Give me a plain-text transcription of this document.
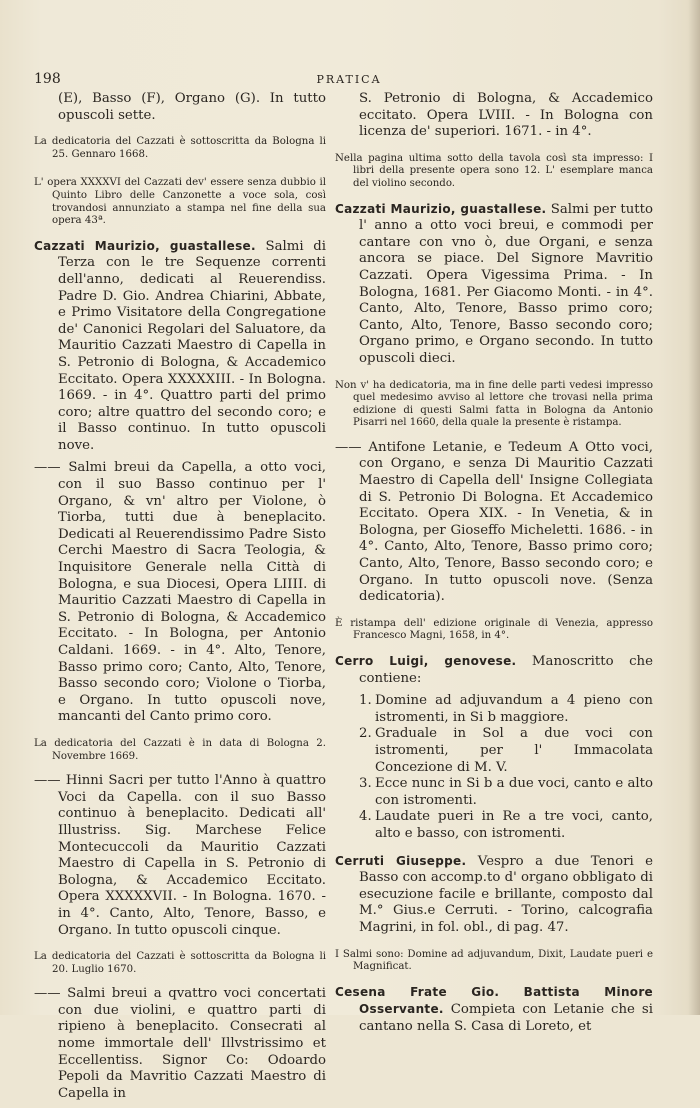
198	PRATICA

(E), Basso (F), Organo (G). In tutto opuscoli sette.

La dedicatoria del Cazzati è sottoscritta da Bologna li 25. Gennaro 1668.

L' opera XXXXVI del Cazzati dev' essere senza dubbio il Quinto Libro delle Canzonette a voce sola, così trovandosi annunziato a stampa nel fine della sua opera 43ª.

Cazzati Maurizio, guastallese. Salmi di Terza con le tre Sequenze correnti dell'anno, dedicati al Reuerendiss. Padre D. Gio. Andrea Chiarini, Abbate, e Primo Visitatore della Congregatione de' Canonici Regolari del Saluatore, da Mauritio Cazzati Maestro di Capella in S. Petronio di Bologna, & Accademico Eccitato. Opera XXXXXIII. - In Bologna. 1669. - in 4°. Quattro parti del primo coro; altre quattro del secondo coro; e il Basso continuo. In tutto opuscoli nove.

—— Salmi breui da Capella, a otto voci, con il suo Basso continuo per l' Organo, & vn' altro per Violone, ò Tiorba, tutti due à beneplacito. Dedicati al Reuerendissimo Padre Sisto Cerchi Maestro di Sacra Teologia, & Inquisitore Generale nella Città di Bologna, e sua Diocesi, Opera LIIII. di Mauritio Cazzati Maestro di Capella in S. Petronio di Bologna, & Accademico Eccitato. - In Bologna, per Antonio Caldani. 1669. - in 4°. Alto, Tenore, Basso primo coro; Canto, Alto, Tenore, Basso secondo coro; Violone o Tiorba, e Organo. In tutto opuscoli nove, mancanti del Canto primo coro.

La dedicatoria del Cazzati è in data di Bologna 2. Novembre 1669.

—— Hinni Sacri per tutto l'Anno à quattro Voci da Capella. con il suo Basso continuo à beneplacito. Dedicati all' Illustriss. Sig. Marchese Felice Montecuccoli da Mauritio Cazzati Maestro di Capella in S. Petronio di Bologna, & Accademico Eccitato. Opera XXXXXVII. - In Bologna. 1670. - in 4°. Canto, Alto, Tenore, Basso, e Organo. In tutto opuscoli cinque.

La dedicatoria del Cazzati è sottoscritta da Bologna li 20. Luglio 1670.

—— Salmi breui a qvattro voci concertati con due violini, e quattro parti di ripieno à beneplacito. Consecrati al nome immortale dell' Illvstrissimo et Eccellentiss. Signor Co: Odoardo Pepoli da Mavritio Cazzati Maestro di Capella in

S. Petronio di Bologna, & Accademico eccitato. Opera LVIII. - In Bologna con licenza de' superiori. 1671. - in 4°.

Nella pagina ultima sotto della tavola così sta impresso: I libri della presente opera sono 12. L' esemplare manca del violino secondo.

Cazzati Maurizio, guastallese. Salmi per tutto l' anno a otto voci breui, e commodi per cantare con vno ò, due Organi, e senza ancora se piace. Del Signore Mavritio Cazzati. Opera Vigessima Prima. - In Bologna, 1681. Per Giacomo Monti. - in 4°. Canto, Alto, Tenore, Basso primo coro; Canto, Alto, Tenore, Basso secondo coro; Organo primo, e Organo secondo. In tutto opuscoli dieci.

Non v' ha dedicatoria, ma in fine delle parti vedesi impresso quel medesimo avviso al lettore che trovasi nella prima edizione di questi Salmi fatta in Bologna da Antonio Pisarri nel 1660, della quale la presente è ristampa.

—— Antifone Letanie, e Tedeum A Otto voci, con Organo, e senza Di Mauritio Cazzati Maestro di Capella dell' Insigne Collegiata di S. Petronio Di Bologna. Et Accademico Eccitato. Opera XIX. - In Venetia, & in Bologna, per Gioseffo Micheletti. 1686. - in 4°. Canto, Alto, Tenore, Basso primo coro; Canto, Alto, Tenore, Basso secondo coro; e Organo. In tutto opuscoli nove. (Senza dedicatoria).

È ristampa dell' edizione originale di Venezia, appresso Francesco Magni, 1658, in 4°.

Cerro Luigi, genovese. Manoscritto che contiene:

1. Domine ad adjuvandum a 4 pieno con istromenti, in Si b maggiore.
2. Graduale in Sol a due voci con istromenti, per l' Immacolata Concezione di M. V.
3. Ecce nunc in Si b a due voci, canto e alto con istromenti.
4. Laudate pueri in Re a tre voci, canto, alto e basso, con istromenti.

Cerruti Giuseppe. Vespro a due Tenori e Basso con accomp.to d' organo obbligato di esecuzione facile e brillante, composto dal M.° Gius.e Cerruti. - Torino, calcografia Magrini, in fol. obl., di pag. 47.

I Salmi sono: Domine ad adjuvandum, Dixit, Laudate pueri e Magnificat.

Cesena Frate Gio. Battista Minore Osservante. Compieta con Letanie che si cantano nella S. Casa di Loreto, et
